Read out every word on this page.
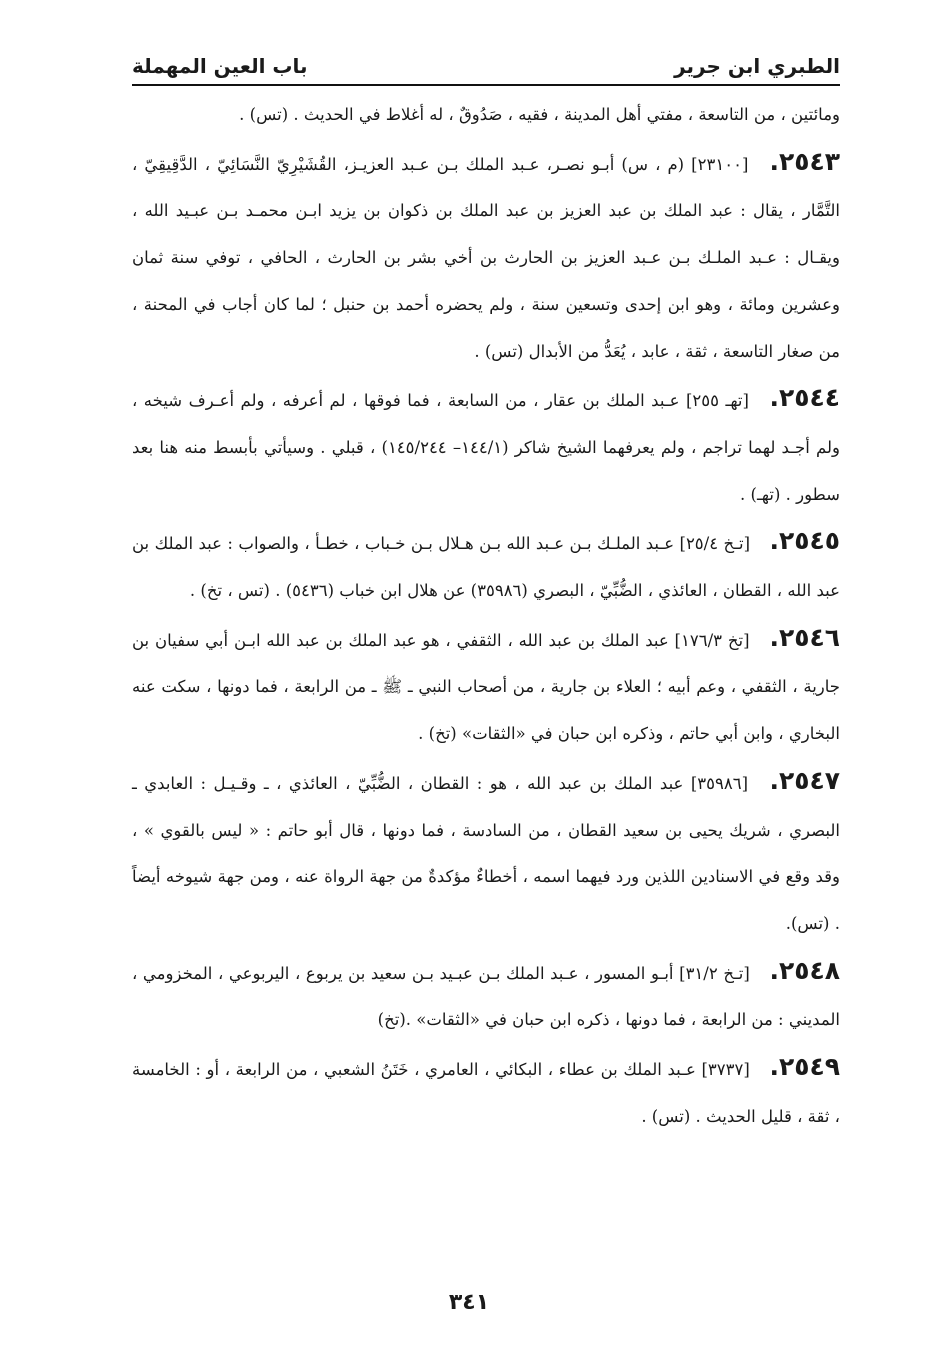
الطبري ابن جرير
باب العين المهملة

ومائتين ، من التاسعة ، مفتي أهل المدينة ، فقيه ، صَدُوقٌ ، له أغلاط في الحديث . (تس) .

٢٥٤٣. [٢٣١٠٠] (م ، س) أبـو نصـر، عـبد الملك بـن عـبد العزيـز، القُشَيْرِيّ النَّسَائِيّ ، الدَّقِيقِيّ ، التَّمَّار ، يقال : عبد الملك بن عبد العزيز بن عبد الملك بن ذكوان بن يزيد ابـن محمـد بـن عبـيد الله ، ويقـال : عـبد الملـك بـن عـبد العزيز بن الحارث بن أخي بشر بن الحارث ، الحافي ، توفي سنة ثمان وعشرين ومائة ، وهو ابن إحدى وتسعين سنة ، ولم يحضره أحمد بن حنبل ؛ لما كان أجاب في المحنة ، من صغار التاسعة ، ثقة ، عابد ، يُعَدُّ من الأبدال (تس) .

٢٥٤٤. [تهـ ٢٥٥] عـبد الملك بن عقار ، من السابعة ، فما فوقها ، لم أعرفه ، ولم أعـرف شيخه ، ولم أجـد لهما تراجم ، ولم يعرفهما الشيخ شاكر (١٤٤/١– ١٤٥/٢٤٤) ، قبلي . وسيأتي بأبسط منه هنا بعد سطور . (تهـ) .

٢٥٤٥. [تـخ ٢٥/٤] عـبد الملـك بـن عـبد الله بـن هـلال بـن خـباب ، خطـأ ، والصواب : عبد الملك بن عبد الله ، القطان ، العائذي ، الضُّبِّيّ ، البصري (٣٥٩٨٦) عن هلال ابن خباب (٥٤٣٦) . (تس ، تخ) .

٢٥٤٦. [تخ ١٧٦/٣] عبد الملك بن عبد الله ، الثقفي ، هو عبد الملك بن عبد الله ابـن أبي سفيان بن جارية ، الثقفي ، وعم أبيه ؛ العلاء بن جارية ، من أصحاب النبي ـ ﷺ ـ من الرابعة ، فما دونها ، سكت عنه البخاري ، وابن أبي حاتم ، وذكره ابن حبان في «الثقات» (تخ) .

٢٥٤٧. [٣٥٩٨٦] عبد الملك بن عبد الله ، هو : القطان ، الضُّبِّيّ ، العائذي ، ـ وقـيـل : العابدي ـ البصري ، شريك يحيى بن سعيد القطان ، من السادسة ، فما دونها ، قال أبو حاتم : « ليس بالقوي » ، وقد وقع في الاسنادين اللذين ورد فيهما اسمه ، أخطاءٌ مؤكدةٌ من جهة الرواة عنه ، ومن جهة شيوخه أيضاً . (تس).

٢٥٤٨. [تـخ ٣١/٢] أبـو المسور ، عـبد الملك بـن عبـيد بـن سعيد بن يربوع ، اليربوعي ، المخزومي ، المديني : من الرابعة ، فما دونها ، ذكره ابن حبان في «الثقات» .(تخ)

٢٥٤٩. [٣٧٣٧] عـبد الملك بن عطاء ، البكائي ، العامري ، خَتَنُ الشعبي ، من الرابعة ، أو : الخامسة ، ثقة ، قليل الحديث . (تس) .

٣٤١
